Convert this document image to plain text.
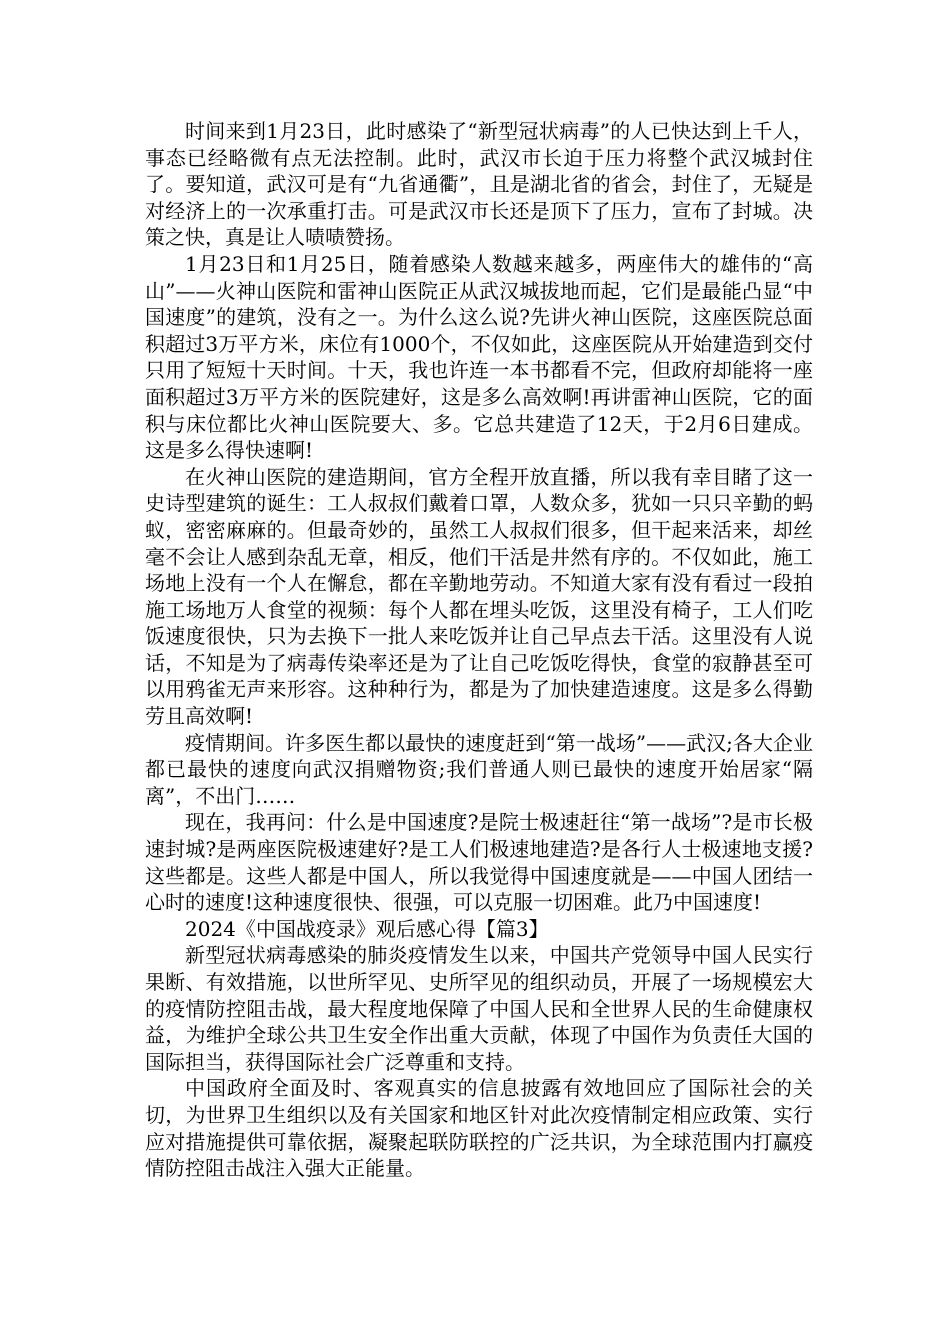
时间来到1月23日，此时感染了“新型冠状病毒”的人已快达到上千人，事态已经略微有点无法控制。此时，武汉市长迫于压力将整个武汉城封住了。要知道，武汉可是有“九省通衢”，且是湖北省的省会，封住了，无疑是对经济上的一次承重打击。可是武汉市长还是顶下了压力，宣布了封城。决策之快，真是让人啧啧赞扬。

1月23日和1月25日，随着感染人数越来越多，两座伟大的雄伟的“高山”——火神山医院和雷神山医院正从武汉城拔地而起，它们是最能凸显“中国速度”的建筑，没有之一。为什么这么说?先讲火神山医院，这座医院总面积超过3万平方米，床位有1000个，不仅如此，这座医院从开始建造到交付只用了短短十天时间。十天，我也许连一本书都看不完，但政府却能将一座面积超过3万平方米的医院建好，这是多么高效啊!再讲雷神山医院，它的面积与床位都比火神山医院要大、多。它总共建造了12天，于2月6日建成。这是多么得快速啊!

在火神山医院的建造期间，官方全程开放直播，所以我有幸目睹了这一史诗型建筑的诞生：工人叔叔们戴着口罩，人数众多，犹如一只只辛勤的蚂蚁，密密麻麻的。但最奇妙的，虽然工人叔叔们很多，但干起来活来，却丝毫不会让人感到杂乱无章，相反，他们干活是井然有序的。不仅如此，施工场地上没有一个人在懈怠，都在辛勤地劳动。不知道大家有没有看过一段拍施工场地万人食堂的视频：每个人都在埋头吃饭，这里没有椅子，工人们吃饭速度很快，只为去换下一批人来吃饭并让自己早点去干活。这里没有人说话，不知是为了病毒传染率还是为了让自己吃饭吃得快，食堂的寂静甚至可以用鸦雀无声来形容。这种种行为，都是为了加快建造速度。这是多么得勤劳且高效啊!

疫情期间。许多医生都以最快的速度赶到“第一战场”——武汉;各大企业都已最快的速度向武汉捐赠物资;我们普通人则已最快的速度开始居家“隔离”，不出门……

现在，我再问：什么是中国速度?是院士极速赶往“第一战场”?是市长极速封城?是两座医院极速建好?是工人们极速地建造?是各行人士极速地支援?这些都是。这些人都是中国人，所以我觉得中国速度就是——中国人团结一心时的速度!这种速度很快、很强，可以克服一切困难。此乃中国速度!

2024《中国战疫录》观后感心得【篇3】

新型冠状病毒感染的肺炎疫情发生以来，中国共产党领导中国人民实行果断、有效措施，以世所罕见、史所罕见的组织动员，开展了一场规模宏大的疫情防控阻击战，最大程度地保障了中国人民和全世界人民的生命健康权益，为维护全球公共卫生安全作出重大贡献，体现了中国作为负责任大国的国际担当，获得国际社会广泛尊重和支持。

中国政府全面及时、客观真实的信息披露有效地回应了国际社会的关切，为世界卫生组织以及有关国家和地区针对此次疫情制定相应政策、实行应对措施提供可靠依据，凝聚起联防联控的广泛共识，为全球范围内打赢疫情防控阻击战注入强大正能量。
